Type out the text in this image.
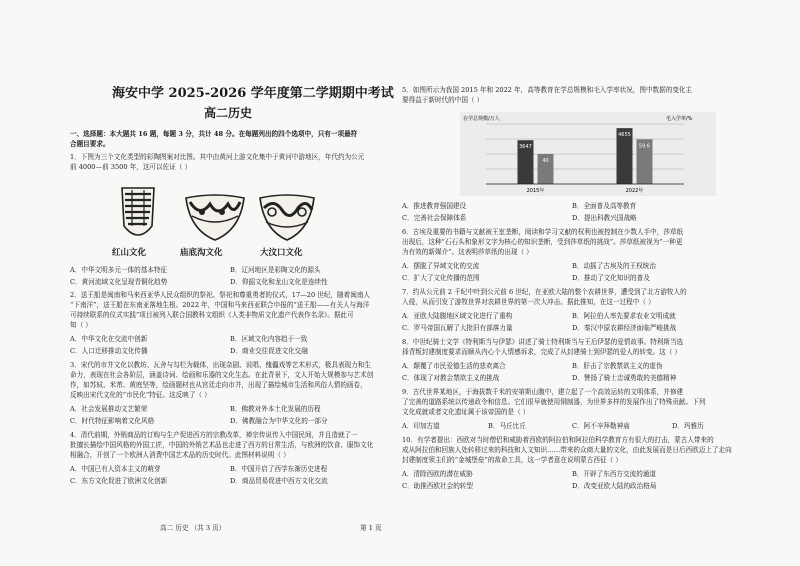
海安中学 2025-2026 学年度第二学期期中考试
高二历史
一、选择题：本大题共 16 题，每题 3 分，共计 48 分。在每题列出的四个选项中，只有一项最符
合题目要求。
1．下图为三个文化类型的彩陶图案对比图。其中由黄河上游文化集中于黄河中游地区，年代约为公元
前 4000—前 3500 年，这可以佐证（ ）
红山文化	庙底沟文化	大汶口文化
A．中华文明多元一体的基本特征	B．辽河地区是彩陶文化的源头
C．黄河流域文化呈现青铜化趋势	D．仰韶文化和龙山文化是连续性
2．送王船是闽南和马来西亚华人民众组织的祭祀、祭祀和尊重勇者的仪式，17—20 世纪，随着闽南人
“下南洋”，送王船在东南亚落地生根。2022 年，中国和马来西亚联合申报的“送王船——有关人与海洋
可持续联系的仪式实践”项目被列入联合国教科文组织《人类非物质文化遗产代表作名录》。据此可
知（ ）
A．中华文化在交流中创新	B．区域文化内容趋于一致
C．人口迁移推动文化传播	D．商业交往促进文化交融
3．宋代的市井文化以教坊、瓦舍与勾栏为载体，出现杂剧、说唱、傀儡戏等艺术形式，极具表现力和生
命力，表现在社会各阶层，涵盖诗词、绘画和乐器的文化生态。在此背景下，文人开始大规模参与艺术创
作，如苏轼、米芾、黄庭坚等，绘画题材也从宫廷走向市井，出现了描绘城市生活和风俗人情的画卷，
反映出宋代文化的“市民化”特征。这反映了（ ）
A．社会发展推动文艺繁荣	B．佛教对外本土化发展的历程
C．时代特征影响着文化风格	D．佛教融合为中华文化的一部分
4．清代前期，外销商品的订购与生产促进西方的宗教改革，禅宗传说传入中国民间，并且造就了一
批擅长描绘中国风格的外国工匠，中国的外销艺术品也走进了西方的日常生活，与欧洲的饮食、服饰文化
相融合，开创了一个欧洲人消费中国艺术品的历史时代。此图材料说明（ ）
A．中国已有人资本主义的萌芽	B．中国开启了西学东渐历史进程
C．东方文化促进了欧洲文化创新	D．商品贸易促进中西方文化交流
高二 历史 （共 3 页）	第 1 页
5．如图所示为我国 2015 年和 2022 年，高等教育在学总规模和毛入学率状况，图中数据的变化主
要得益于新时代的中国（ ）
在学总规模/万人	毛入学率/%
3647
40
2015年
4655
59.6
2022年
A．推进教育强国建设	B．全面普及高等教育
C．完善社会保障体系	D．提出科教兴国战略
6．古埃及重要的书籍与文献被王室垄断，阅读和学习文献的权利也被控制在少数人手中，莎草纸
出现后，这种“石石头和象形文字为核心的知识垄断，受到莎草纸的挑战”。莎草纸被视为“一种更
为有效的新媒介”。这表明莎草纸的出现（ ）
A．摆脱了异域文化的交流	B．动摇了古埃及的王权统治
C．扩大了文化传播的范围	D．推动了文化知识的普及
7．约从公元前 2 千纪中叶到公元前 6 世纪，在亚欧大陆的整个农耕世界，遭受到了北方游牧人的
入侵，从而引发了游牧世界对农耕世界的第一次大冲击。据此推知，在这一过程中（ ）
A．亚欧大陆腹地区域文化进行了重构	B．阿拉伯人率先要求农业文明成就
C．罗马帝国瓦解了大批旧有部落力量	D．秦汉中原农耕经济面临严峻挑战
8．中世纪骑士文学《特利斯当与伊瑟》讲述了骑士特利斯当与王后伊瑟的爱情故事。特利斯当选
择背叛封建制度要求而顺从内心个人情感诉求，完成了从封建骑士到伊瑟的爱人的转变。这（ ）
A．颠覆了市民爱德生活的悲欢离合	B．肝击了宗教禁欲主义的虚伪
C．体现了对教会禁欲主义的挑战	D．赞扬了骑士忠诚勇敢的美德精神
9．古代世界某地区，于海拔数千米的安第斯山腹中，建立起了一个高效运转的文明体系，并修建
了完善的道路系统以传递政令和信息。它们很早就使用铜制器，为世界多样的发展作出了特殊贡献。下列
文化成就或者文化遗址属于该帝国的是（ ）
A．印加古道	B．马丘比丘	C．阿不辛拜勒神庙	D．玛雅历
10．有学者提出：西欧对当时僧侣和威胁着西欧的阿拉伯和阿拉伯科学教育方有很大的打击，蒙古人带来的
成从阿拉伯和回族人处转移过来的科技和人文知识……带来的众商大量的文化，由此发展而是日后西欧迈上了走向
封建制度领主们的“金城堡垒”的敌命工具，这一学者意在说明蒙古西征（ ）
A．清除西欧的潜在威胁	B．开辟了东西方交流的通道
C．助推西欧社会的转型	D．改变亚欧大陆的政治格局
